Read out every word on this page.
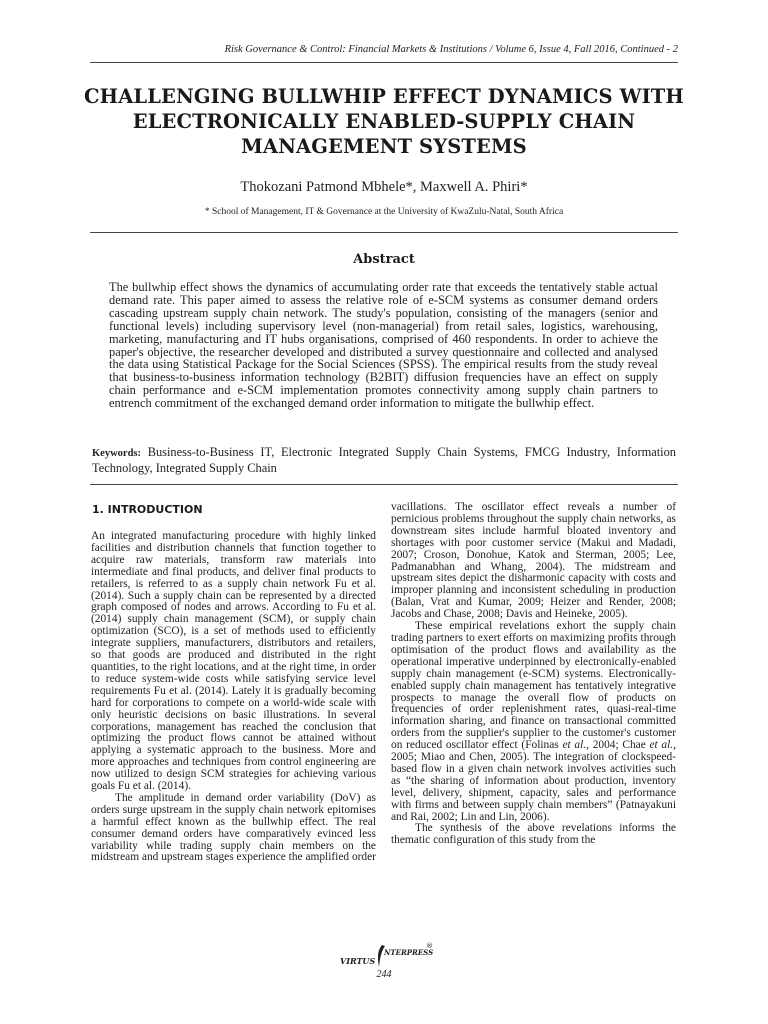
Risk Governance & Control: Financial Markets & Institutions / Volume 6, Issue 4, Fall 2016, Continued - 2
CHALLENGING BULLWHIP EFFECT DYNAMICS WITH ELECTRONICALLY ENABLED-SUPPLY CHAIN MANAGEMENT SYSTEMS
Thokozani Patmond Mbhele*, Maxwell A. Phiri*
* School of Management, IT & Governance at the University of KwaZulu-Natal, South Africa
Abstract

The bullwhip effect shows the dynamics of accumulating order rate that exceeds the tentatively stable actual demand rate. This paper aimed to assess the relative role of e-SCM systems as consumer demand orders cascading upstream supply chain network. The study's population, consisting of the managers (senior and functional levels) including supervisory level (non-managerial) from retail sales, logistics, warehousing, marketing, manufacturing and IT hubs organisations, comprised of 460 respondents. In order to achieve the paper's objective, the researcher developed and distributed a survey questionnaire and collected and analysed the data using Statistical Package for the Social Sciences (SPSS). The empirical results from the study reveal that business-to-business information technology (B2BIT) diffusion frequencies have an effect on supply chain performance and e-SCM implementation promotes connectivity among supply chain partners to entrench commitment of the exchanged demand order information to mitigate the bullwhip effect.

Keywords: Business-to-Business IT, Electronic Integrated Supply Chain Systems, FMCG Industry, Information Technology, Integrated Supply Chain

1. INTRODUCTION

An integrated manufacturing procedure with highly linked facilities and distribution channels that function together to acquire raw materials, transform raw materials into intermediate and final products, and deliver final products to retailers, is referred to as a supply chain network Fu et al. (2014). Such a supply chain can be represented by a directed graph composed of nodes and arrows. According to Fu et al. (2014) supply chain management (SCM), or supply chain optimization (SCO), is a set of methods used to efficiently integrate suppliers, manufacturers, distributors and retailers, so that goods are produced and distributed in the right quantities, to the right locations, and at the right time, in order to reduce system-wide costs while satisfying service level requirements Fu et al. (2014). Lately it is gradually becoming hard for corporations to compete on a world-wide scale with only heuristic decisions on basic illustrations. In several corporations, management has reached the conclusion that optimizing the product flows cannot be attained without applying a systematic approach to the business. More and more approaches and techniques from control engineering are now utilized to design SCM strategies for achieving various goals Fu et al. (2014).

The amplitude in demand order variability (DoV) as orders surge upstream in the supply chain network epitomises a harmful effect known as the bullwhip effect. The real consumer demand orders have comparatively evinced less variability while trading supply chain members on the midstream and upstream stages experience the amplified order

vacillations. The oscillator effect reveals a number of pernicious problems throughout the supply chain networks, as downstream sites include harmful bloated inventory and shortages with poor customer service (Makui and Madadi, 2007; Croson, Donohue, Katok and Sterman, 2005; Lee, Padmanabhan and Whang, 2004). The midstream and upstream sites depict the disharmonic capacity with costs and improper planning and inconsistent scheduling in production (Balan, Vrat and Kumar, 2009; Heizer and Render, 2008; Jacobs and Chase, 2008; Davis and Heineke, 2005).

These empirical revelations exhort the supply chain trading partners to exert efforts on maximizing profits through optimisation of the product flows and availability as the operational imperative underpinned by electronically-enabled supply chain management (e-SCM) systems. Electronically-enabled supply chain management has tentatively integrative prospects to manage the overall flow of products on frequencies of order replenishment rates, quasi-real-time information sharing, and finance on transactional committed orders from the supplier's supplier to the customer's customer on reduced oscillator effect (Folinas et al., 2004; Chae et al., 2005; Miao and Chen, 2005). The integration of clockspeed-based flow in a given chain network involves activities such as “the sharing of information about production, inventory level, delivery, shipment, capacity, sales and performance with firms and between supply chain members” (Patnayakuni and Rai, 2002; Lin and Lin, 2006).

The synthesis of the above revelations informs the thematic configuration of this study from the

VIRTUS
NTERPRESS
®
244
